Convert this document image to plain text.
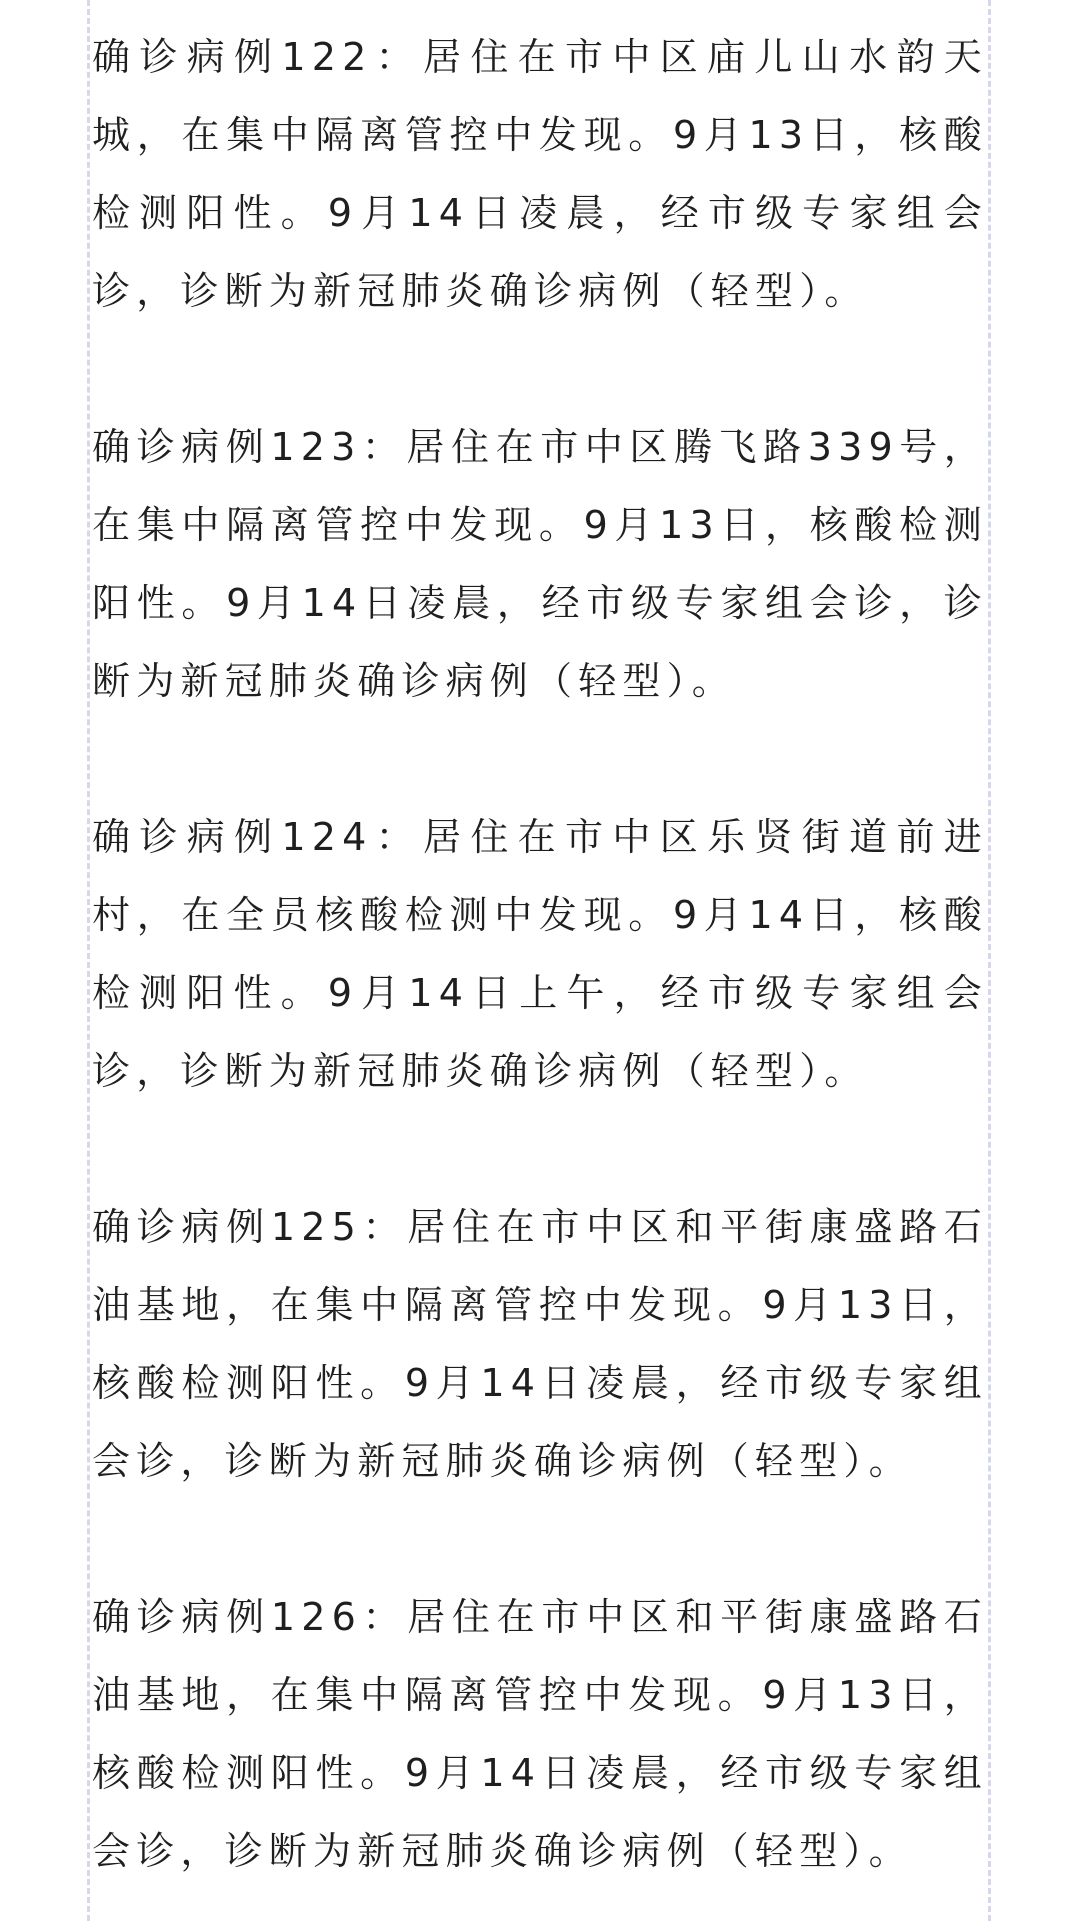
确诊病例122：居住在市中区庙儿山水韵天城，在集中隔离管控中发现。9月13日，核酸检测阳性。9月14日凌晨，经市级专家组会诊，诊断为新冠肺炎确诊病例（轻型）。

确诊病例123：居住在市中区腾飞路339号，在集中隔离管控中发现。9月13日，核酸检测阳性。9月14日凌晨，经市级专家组会诊，诊断为新冠肺炎确诊病例（轻型）。

确诊病例124：居住在市中区乐贤街道前进村，在全员核酸检测中发现。9月14日，核酸检测阳性。9月14日上午，经市级专家组会诊，诊断为新冠肺炎确诊病例（轻型）。

确诊病例125：居住在市中区和平街康盛路石油基地，在集中隔离管控中发现。9月13日，核酸检测阳性。9月14日凌晨，经市级专家组会诊，诊断为新冠肺炎确诊病例（轻型）。

确诊病例126：居住在市中区和平街康盛路石油基地，在集中隔离管控中发现。9月13日，核酸检测阳性。9月14日凌晨，经市级专家组会诊，诊断为新冠肺炎确诊病例（轻型）。
